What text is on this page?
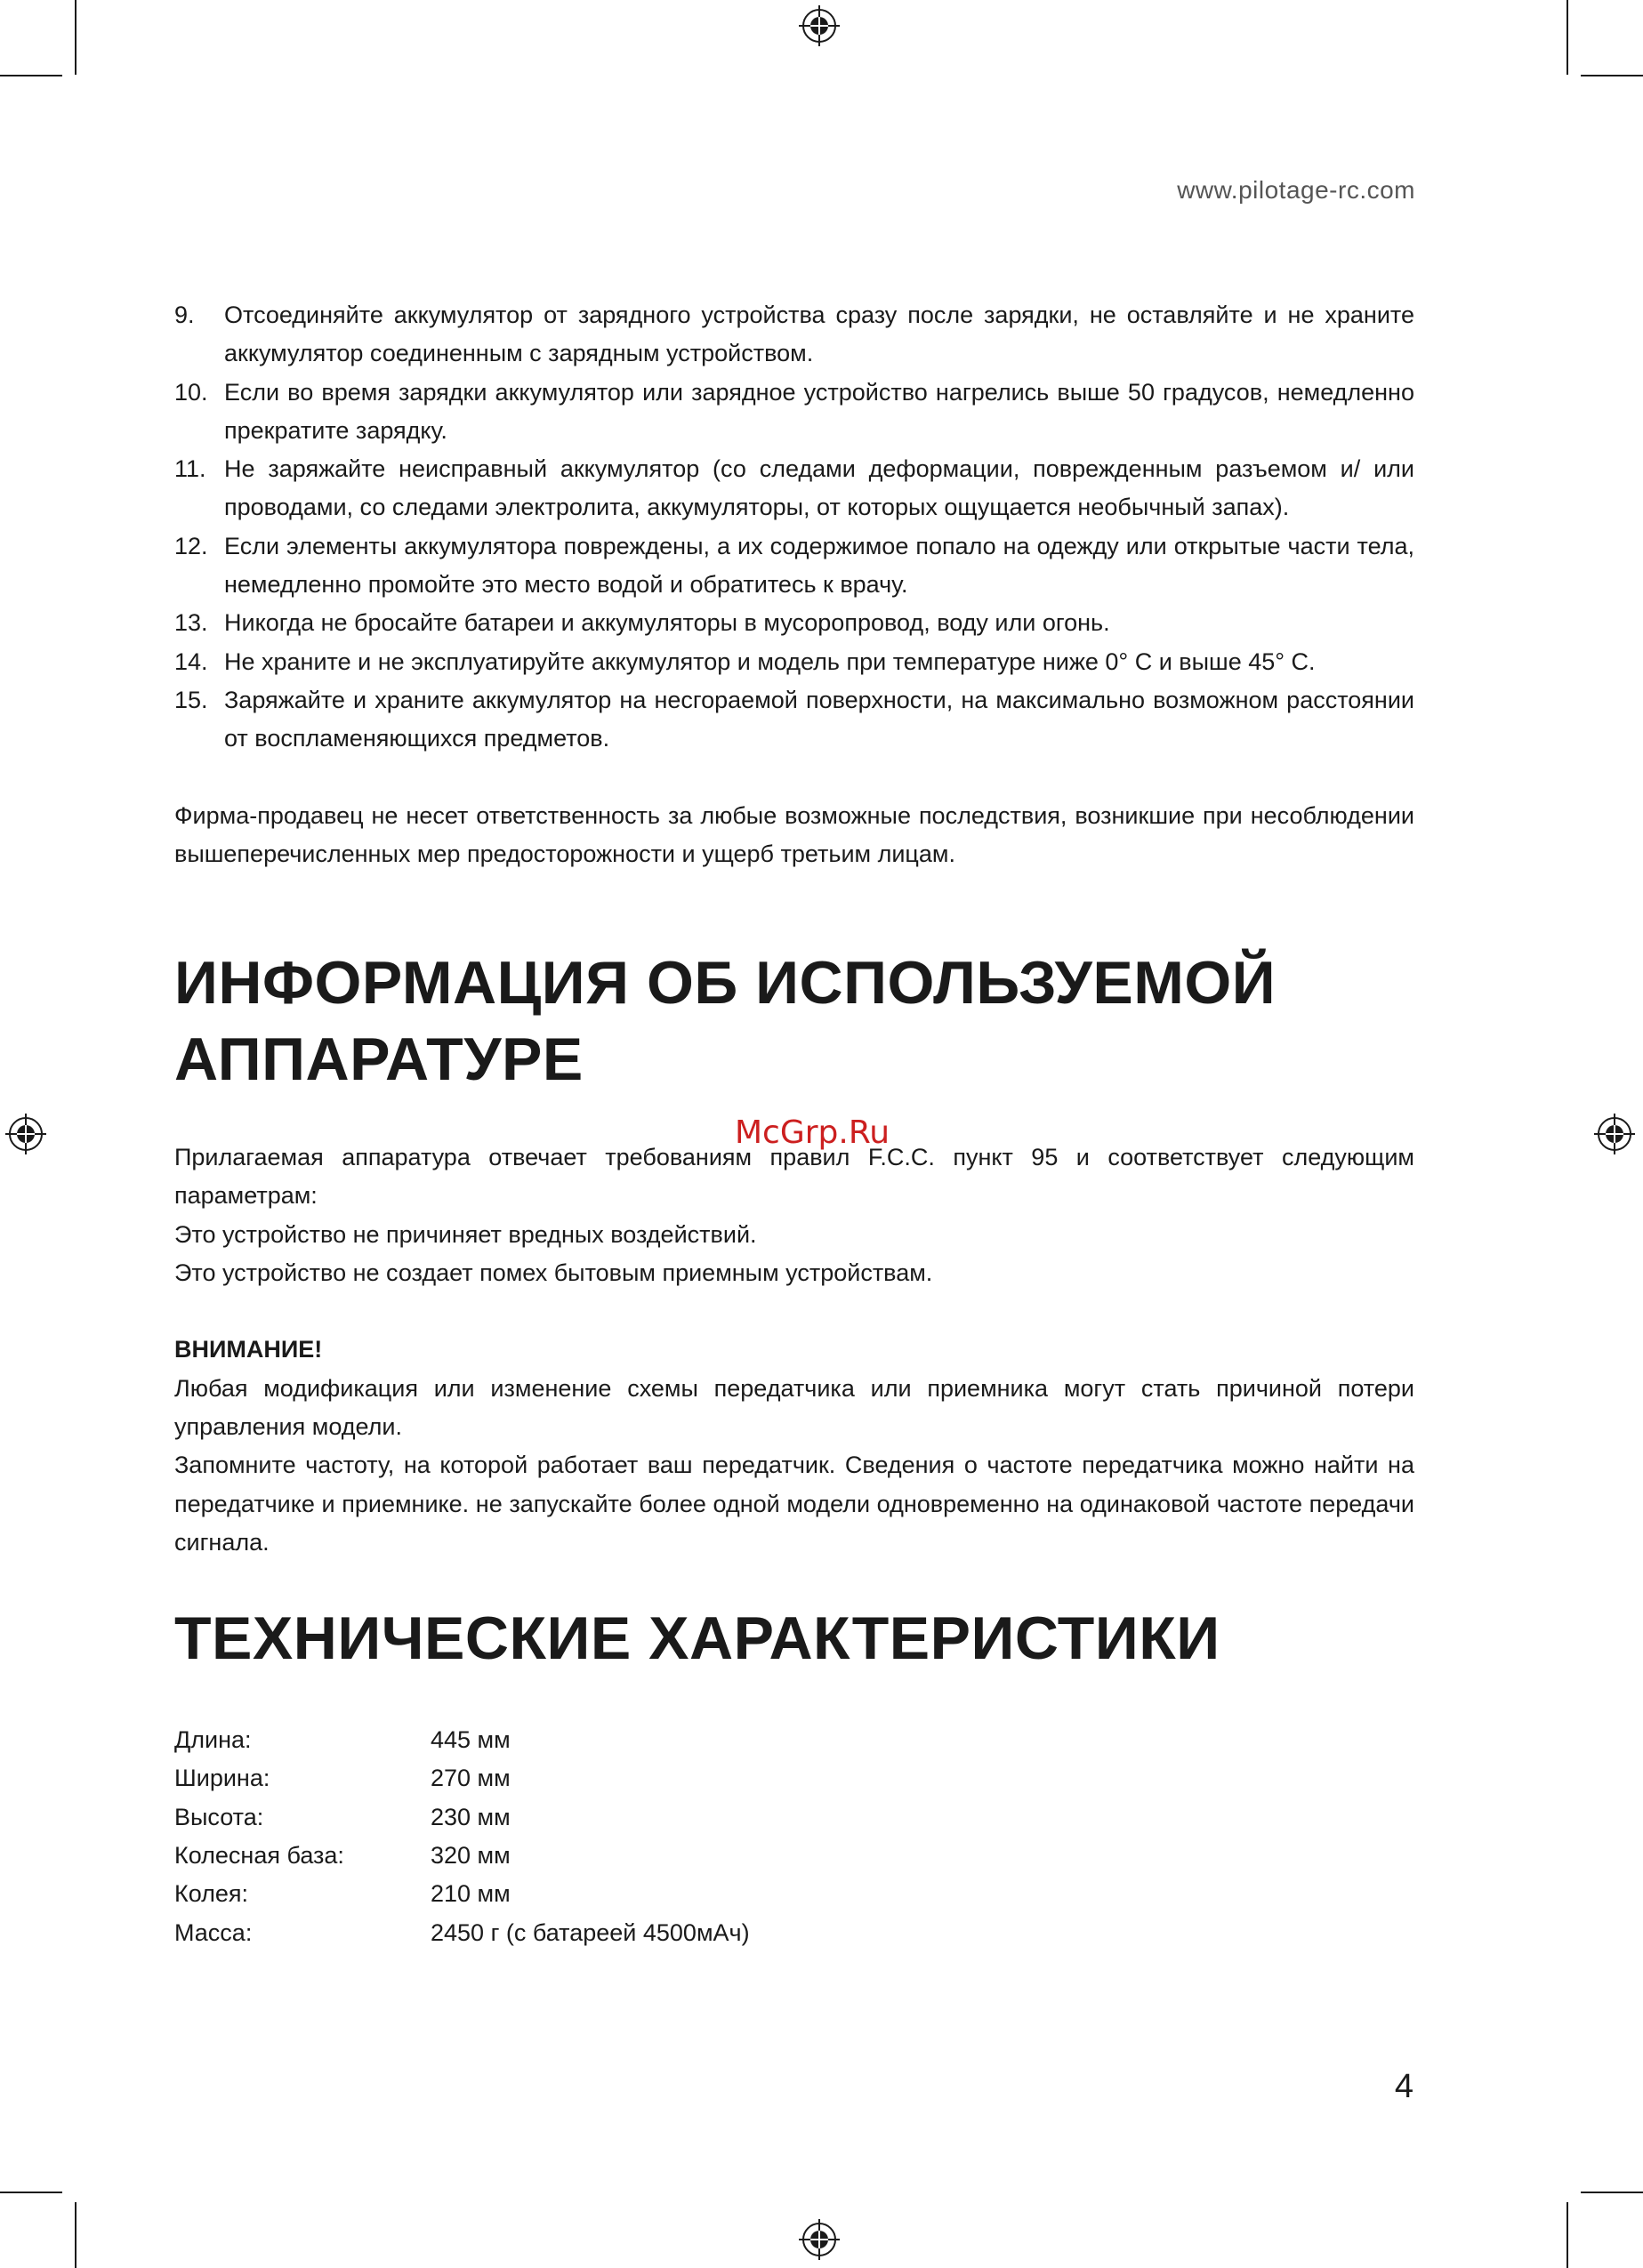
www.pilotage-rc.com
9. Отсоединяйте аккумулятор от зарядного устройства сразу после зарядки, не оставляйте и не храните аккумулятор соединенным с зарядным устройством.
10. Если во время зарядки аккумулятор или зарядное устройство нагрелись выше 50 градусов, немедленно прекратите зарядку.
11. Не заряжайте неисправный аккумулятор (со следами деформации, поврежденным разъемом и/ или проводами, со следами электролита, аккумуляторы, от которых ощущается необычный запах).
12. Если элементы аккумулятора повреждены, а их содержимое попало на одежду или открытые части тела, немедленно промойте это место водой и обратитесь к врачу.
13. Никогда не бросайте батареи и аккумуляторы в мусоропровод, воду или огонь.
14. Не храните и не эксплуатируйте аккумулятор и модель при температуре ниже 0° С и выше 45° С.
15. Заряжайте и храните аккумулятор на несгораемой поверхности, на максимально возможном расстоянии от воспламеняющихся предметов.

Фирма-продавец не несет ответственность за любые возможные последствия, возникшие при несоблюдении вышеперечисленных мер предосторожности и ущерб третьим лицам.

ИНФОРМАЦИЯ ОБ ИСПОЛЬЗУЕМОЙ АППАРАТУРЕ

Прилагаемая аппаратура отвечает требованиям правил F.C.C. пункт 95 и соответствует следующим параметрам:

Это устройство не причиняет вредных воздействий.

Это устройство не создает помех бытовым приемным устройствам.

ВНИМАНИЕ!

Любая модификация или изменение схемы передатчика или приемника могут стать причиной потери управления модели.

Запомните частоту, на которой работает ваш передатчик. Сведения о частоте передатчика можно найти на передатчике и приемнике. не запускайте более одной модели одновременно на одинаковой частоте передачи сигнала.

ТЕХНИЧЕСКИЕ ХАРАКТЕРИСТИКИ
Длина:	445 мм
Ширина:	270 мм
Высота:	230 мм
Колесная база:	320 мм
Колея:	210 мм
Масса:	2450 г (с батареей 4500мАч)
McGrp.Ru
4
